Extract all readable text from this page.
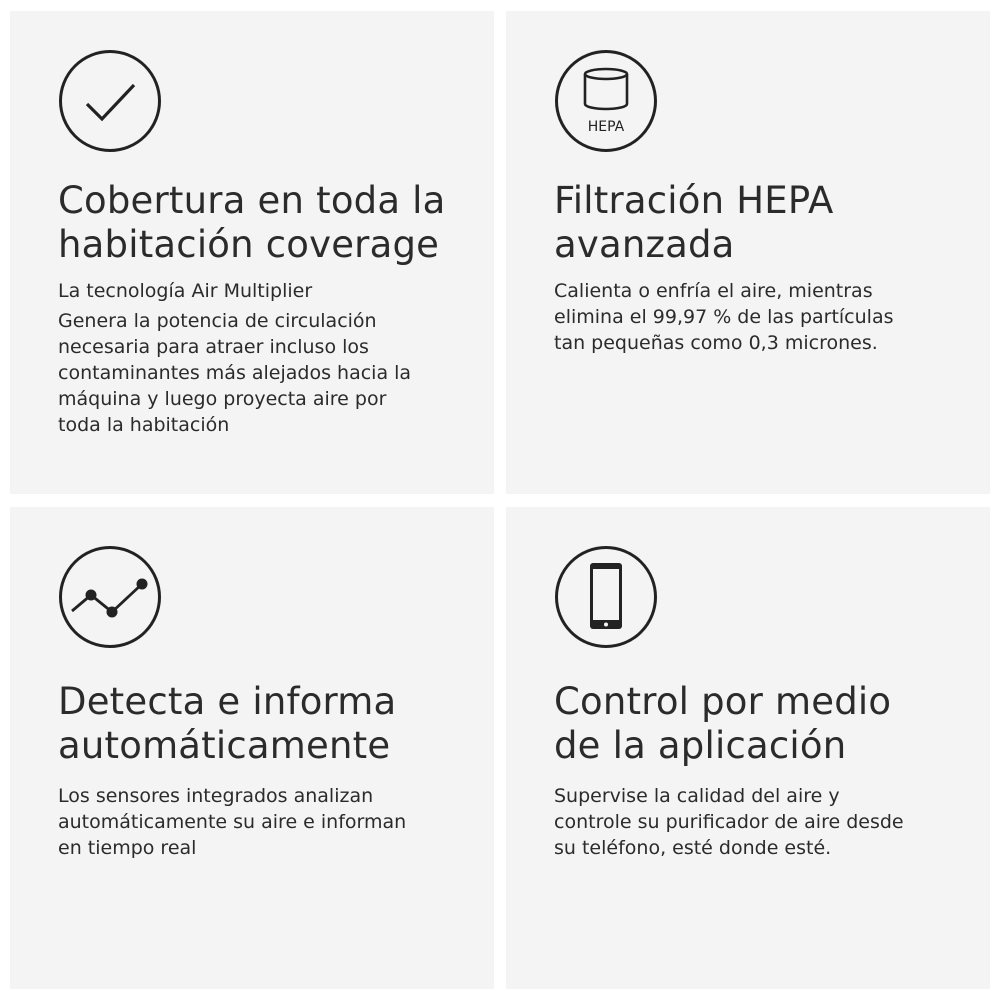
Cobertura en toda la
habitación coverage

La tecnología Air Multiplier

Genera la potencia de circulación
necesaria para atraer incluso los
contaminantes más alejados hacia la
máquina y luego proyecta aire por
toda la habitación

HEPA
Filtración HEPA
avanzada

Calienta o enfría el aire, mientras
elimina el 99,97 % de las partículas
tan pequeñas como 0,3 micrones.

Detecta e informa
automáticamente

Los sensores integrados analizan
automáticamente su aire e informan
en tiempo real

Control por medio
de la aplicación

Supervise la calidad del aire y
controle su purificador de aire desde
su teléfono, esté donde esté.
